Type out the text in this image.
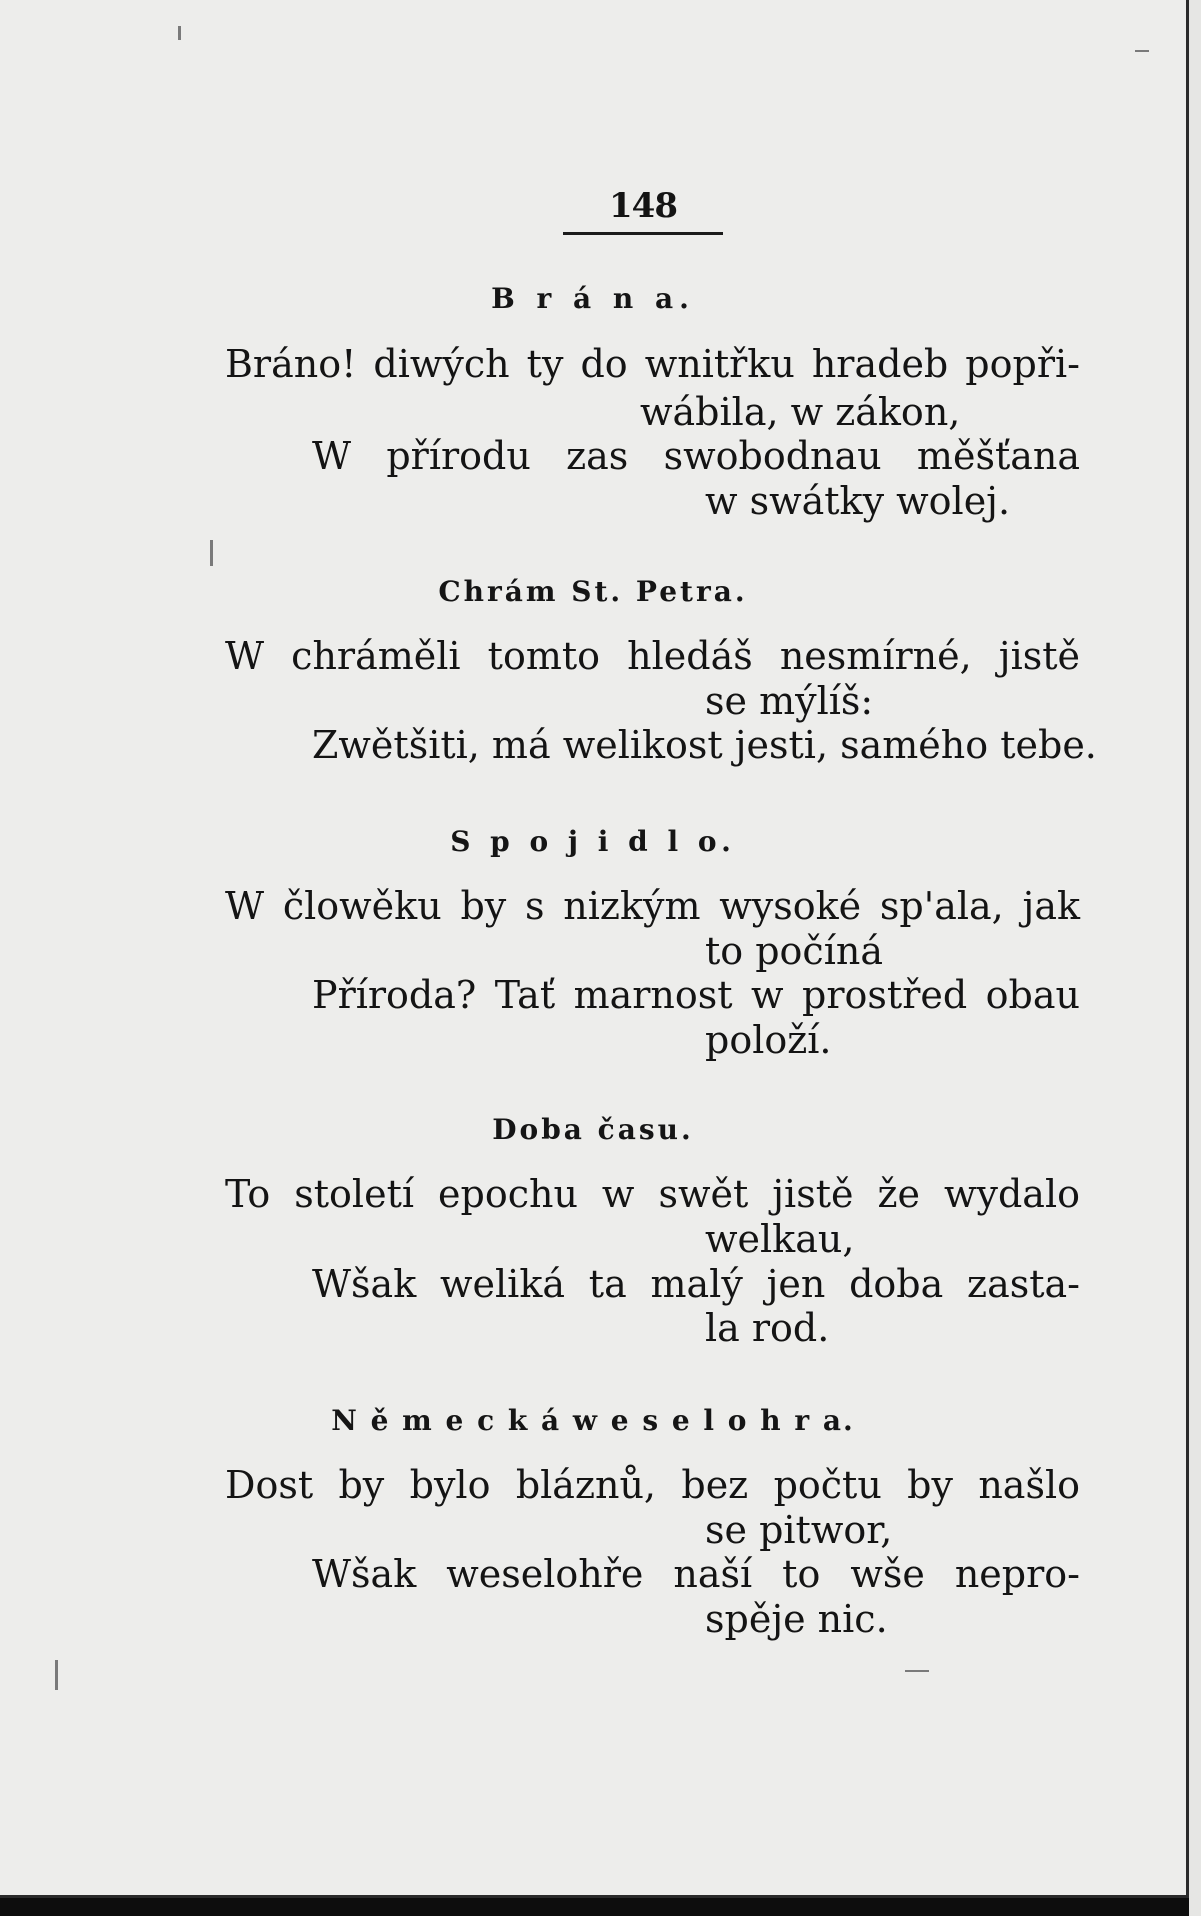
148
B r á n a.
Bráno! diwých ty do wnitřku hradeb popři-
wábila, w zákon,
W přírodu zas swobodnau měšťana
w swátky wolej.
Chrám St. Petra.
W chráměli tomto hledáš nesmírné, jistě
se mýlíš:
Zwětšiti, má welikost jesti, samého tebe.
S p o j i d l o.
W člowěku by s nizkým wysoké sp'ala, jak
to počíná
Příroda? Tať marnost w prostřed obau
položí.
Doba času.
To století epochu w swět jistě že wydalo
welkau,
Wšak weliká ta malý jen doba zasta-
la rod.
N ě m e c k á w e s e l o h r a.
Dost by bylo bláznů, bez počtu by našlo
se pitwor,
Wšak weselohře naší to wše nepro-
spěje nic.
